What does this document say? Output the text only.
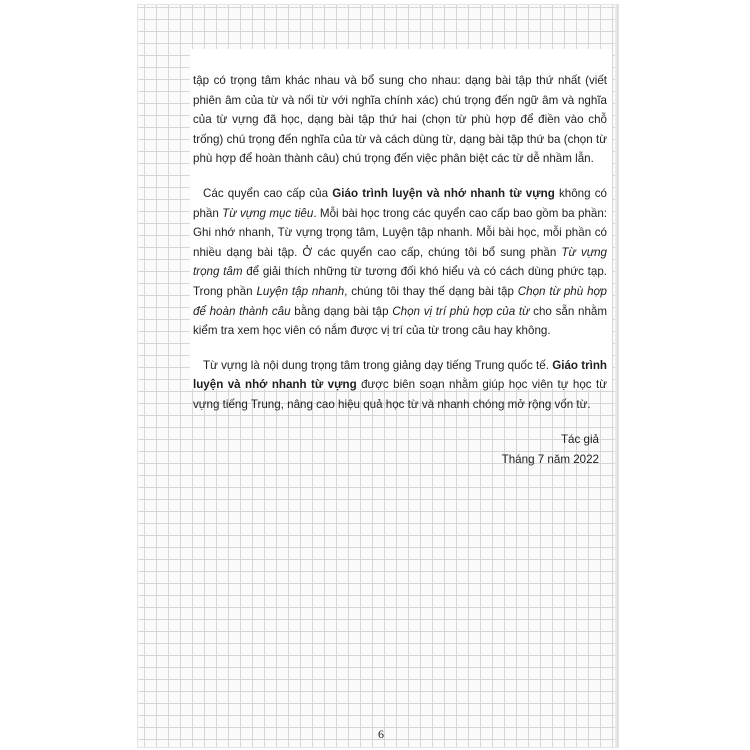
tập có trọng tâm khác nhau và bổ sung cho nhau: dạng bài tập thứ nhất (viết phiên âm của từ và nối từ với nghĩa chính xác) chú trọng đến ngữ âm và nghĩa của từ vựng đã học, dạng bài tập thứ hai (chọn từ phù hợp để điền vào chỗ trống) chú trọng đến nghĩa của từ và cách dùng từ, dạng bài tập thứ ba (chọn từ phù hợp để hoàn thành câu) chú trọng đến việc phân biệt các từ dễ nhầm lẫn.

Các quyển cao cấp của Giáo trình luyện và nhớ nhanh từ vựng không có phần Từ vựng mục tiêu. Mỗi bài học trong các quyển cao cấp bao gồm ba phần: Ghi nhớ nhanh, Từ vựng trọng tâm, Luyện tập nhanh. Mỗi bài học, mỗi phần có nhiều dạng bài tập. Ở các quyển cao cấp, chúng tôi bổ sung phần Từ vựng trọng tâm để giải thích những từ tương đối khó hiểu và có cách dùng phức tạp. Trong phần Luyện tập nhanh, chúng tôi thay thế dạng bài tập Chọn từ phù hợp để hoàn thành câu bằng dạng bài tập Chọn vị trí phù hợp của từ cho sẵn nhằm kiểm tra xem học viên có nắm được vị trí của từ trong câu hay không.

Từ vựng là nội dung trọng tâm trong giảng dạy tiếng Trung quốc tế. Giáo trình luyện và nhớ nhanh từ vựng được biên soạn nhằm giúp học viên tự học từ vựng tiếng Trung, nâng cao hiệu quả học từ và nhanh chóng mở rộng vốn từ.

Tác giả

Tháng 7 năm 2022

6
